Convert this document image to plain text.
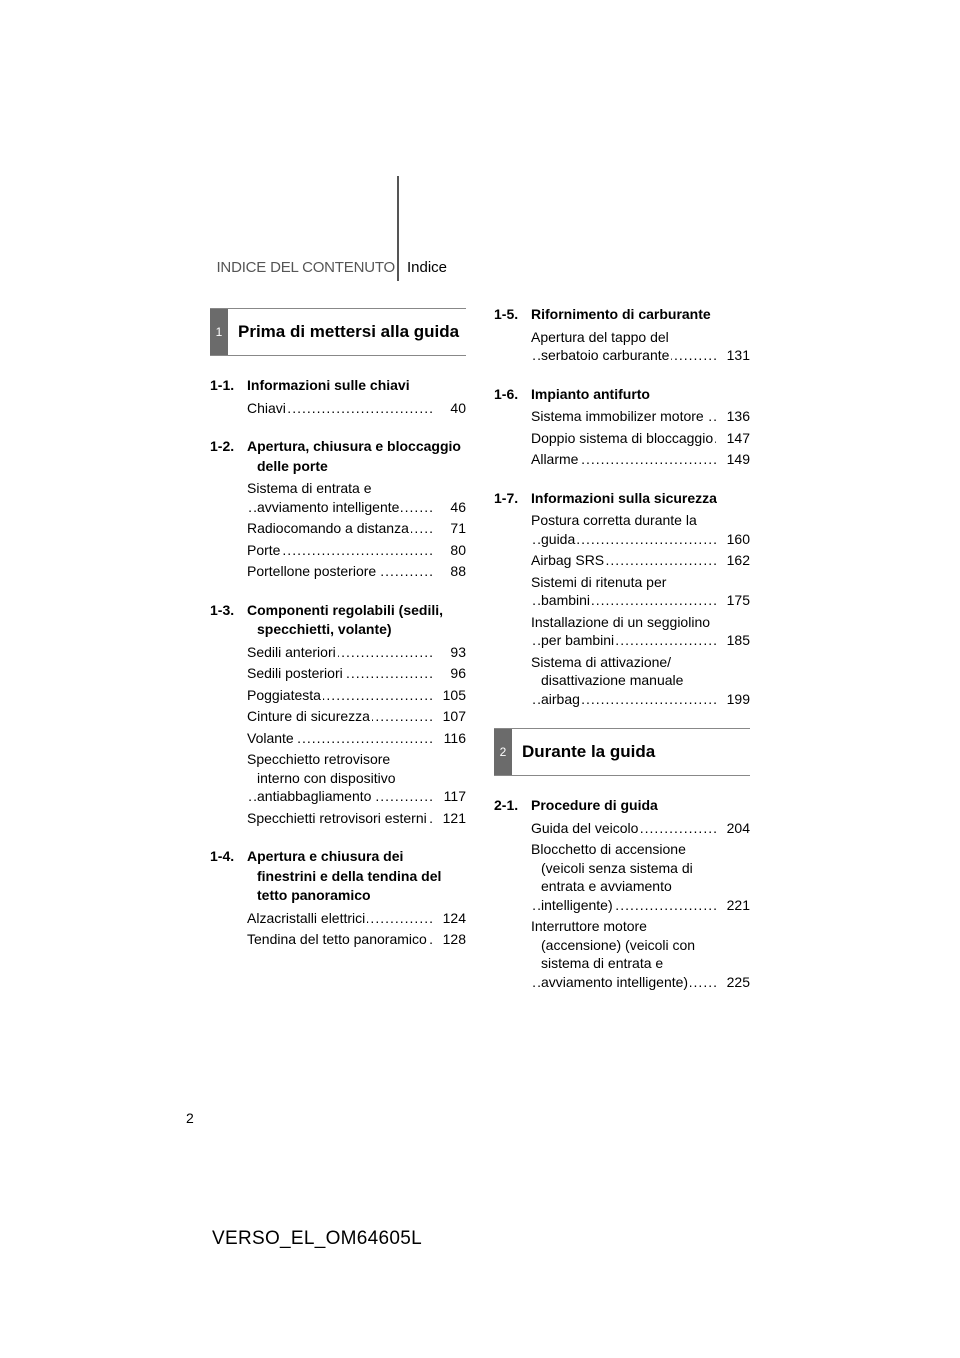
INDICE DEL CONTENUTO Indice
1 Prima di mettersi alla guida
1-1. Informazioni sulle chiavi
Chiavi .....	40
1-2. Apertura, chiusura e bloccaggio delle porte
Sistema di entrata e avviamento intelligente .....	46
Radiocomando a distanza .....	71
Porte .....	80
Portellone posteriore .....	88
1-3. Componenti regolabili (sedili, specchietti, volante)
Sedili anteriori .....	93
Sedili posteriori .....	96
Poggiatesta .....	105
Cinture di sicurezza .....	107
Volante .....	116
Specchietto retrovisore interno con dispositivo antiabbagliamento .....	117
Specchietti retrovisori esterni .....	121
1-4. Apertura e chiusura dei finestrini e della tendina del tetto panoramico
Alzacristalli elettrici .....	124
Tendina del tetto panoramico .....	128
1-5. Rifornimento di carburante
Apertura del tappo del serbatoio carburante .....	131
1-6. Impianto antifurto
Sistema immobilizer motore .....	136
Doppio sistema di bloccaggio ..... 147
Allarme .....	149
1-7. Informazioni sulla sicurezza
Postura corretta durante la guida .....	160
Airbag SRS .....	162
Sistemi di ritenuta per bambini .....	175
Installazione di un seggiolino per bambini .....	185
Sistema di attivazione/ disattivazione manuale airbag .....	199
2 Durante la guida
2-1. Procedure di guida
Guida del veicolo .....	204
Blocchetto di accensione (veicoli senza sistema di entrata e avviamento intelligente) .....	221
Interruttore motore (accensione) (veicoli con sistema di entrata e avviamento intelligente) .....	225
2
VERSO_EL_OM64605L
